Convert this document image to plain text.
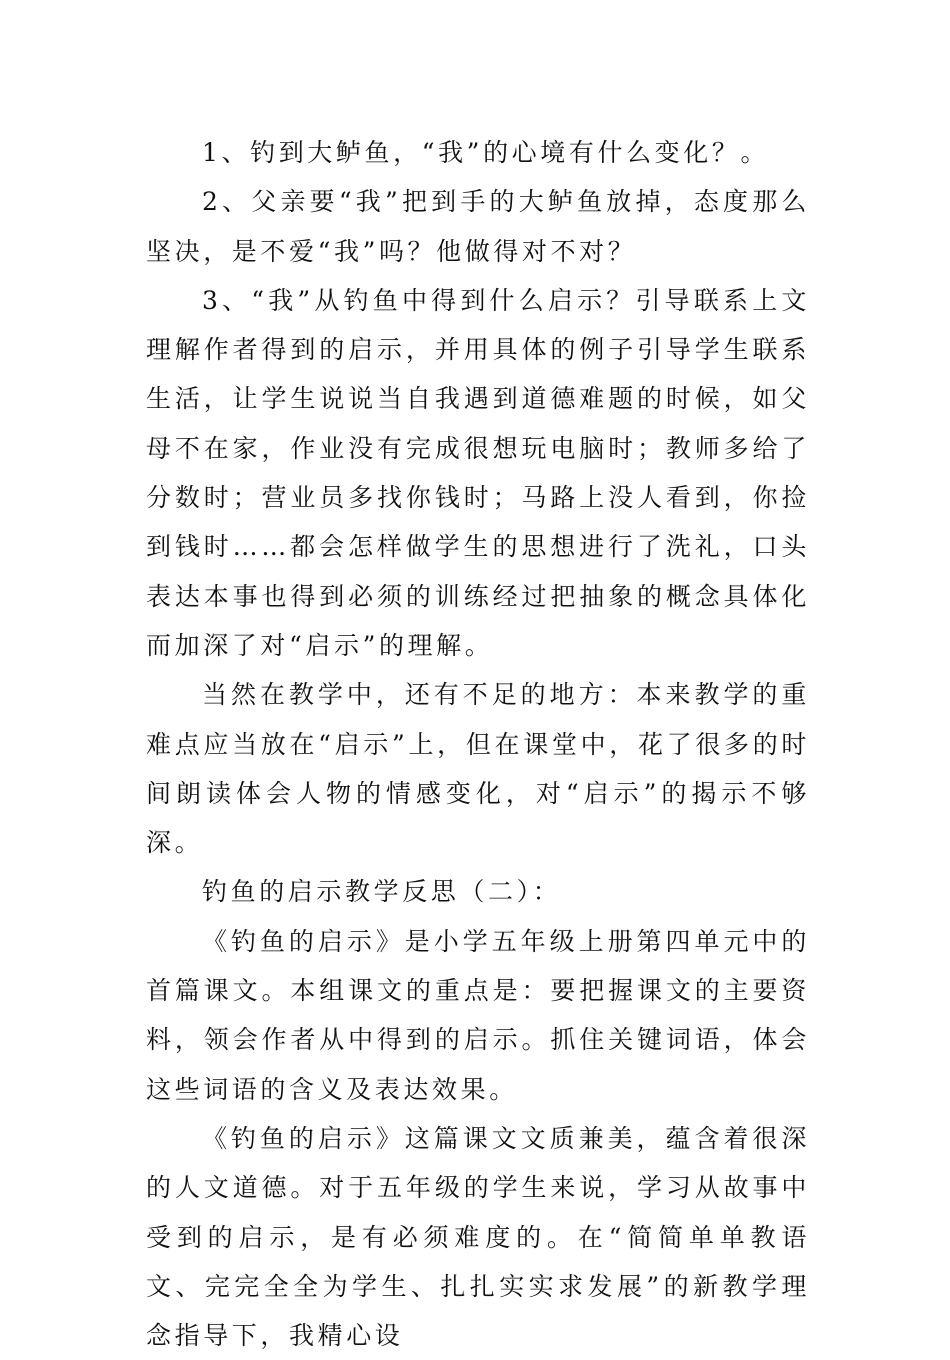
1、钓到大鲈鱼，“我”的心境有什么变化？。

2、父亲要“我”把到手的大鲈鱼放掉，态度那么坚决，是不爱“我”吗？他做得对不对？

3、“我”从钓鱼中得到什么启示？引导联系上文理解作者得到的启示，并用具体的例子引导学生联系生活，让学生说说当自我遇到道德难题的时候，如父母不在家，作业没有完成很想玩电脑时；教师多给了分数时；营业员多找你钱时；马路上没人看到，你捡到钱时……都会怎样做学生的思想进行了洗礼，口头表达本事也得到必须的训练经过把抽象的概念具体化而加深了对“启示”的理解。

当然在教学中，还有不足的地方：本来教学的重难点应当放在“启示”上，但在课堂中，花了很多的时间朗读体会人物的情感变化，对“启示”的揭示不够深。

钓鱼的启示教学反思（二）：

《钓鱼的启示》是小学五年级上册第四单元中的首篇课文。本组课文的重点是：要把握课文的主要资料，领会作者从中得到的启示。抓住关键词语，体会这些词语的含义及表达效果。

《钓鱼的启示》这篇课文文质兼美，蕴含着很深的人文道德。对于五年级的学生来说，学习从故事中受到的启示，是有必须难度的。在“简简单单教语文、完完全全为学生、扎扎实实求发展”的新教学理念指导下，我精心设
